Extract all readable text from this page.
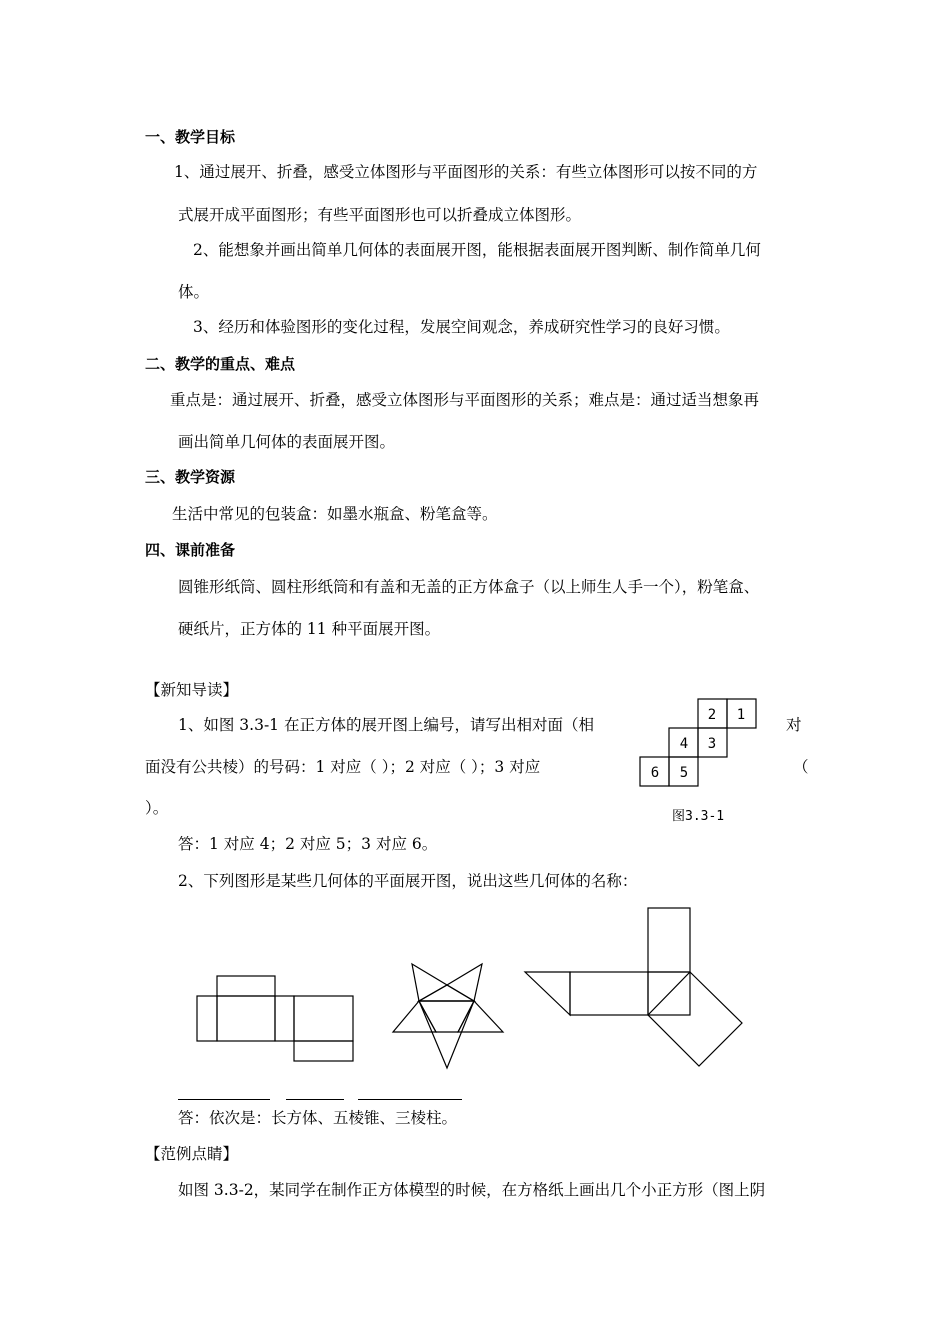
一、教学目标
1、通过展开、折叠，感受立体图形与平面图形的关系：有些立体图形可以按不同的方
式展开成平面图形；有些平面图形也可以折叠成立体图形。
2、能想象并画出简单几何体的表面展开图，能根据表面展开图判断、制作简单几何
体。
3、经历和体验图形的变化过程，发展空间观念，养成研究性学习的良好习惯。
二、教学的重点、难点
重点是：通过展开、折叠，感受立体图形与平面图形的关系；难点是：通过适当想象再
画出简单几何体的表面展开图。
三、教学资源
生活中常见的包装盒：如墨水瓶盒、粉笔盒等。
四、课前准备
圆锥形纸筒、圆柱形纸筒和有盖和无盖的正方体盒子（以上师生人手一个），粉笔盒、
硬纸片，正方体的 11 种平面展开图。
【新知导读】
1、如图 3.3-1 在正方体的展开图上编号，请写出相对面（相	对
面没有公共棱）的号码：1 对应（ ）；2 对应（ ）；3 对应	（
）。
答：1 对应 4；2 对应 5；3 对应 6。
2、下列图形是某些几何体的平面展开图，说出这些几何体的名称：
2 1
4 3
6 5
图3.3-1
答：依次是：长方体、五棱锥、三棱柱。
【范例点睛】
如图 3.3-2，某同学在制作正方体模型的时候，在方格纸上画出几个小正方形（图上阴
